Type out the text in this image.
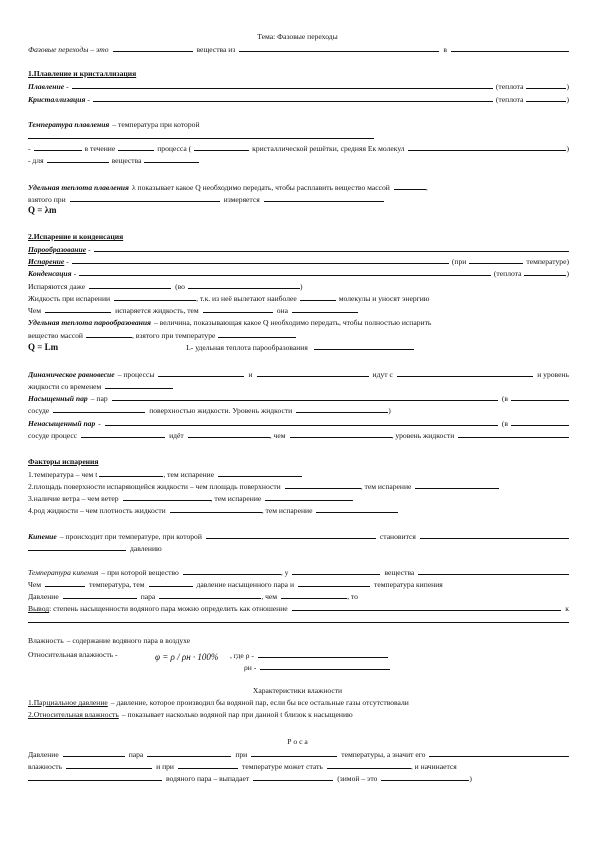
Тема: Фазовые переходы
Фазовые переходы – это	вещества из	в
1.Плавление и кристаллизация
Плавление -	(теплота	)
Кристаллизация -	(теплота	)
Температура плавления – температура при которой
-	в течение	процесса (	кристаллической решётки, средняя Ек молекул	)
- для	вещества
Удельная теплота плавления λ показывает какое Q необходимо передать, чтобы расплавить вещество массой	,
взятого при	измеряется
Q = λm
2.Испарение и конденсация
Парообразование -
Испарение -	(при	температуре)
Конденсация -	(теплота	)
Испаряются даже	(во	)
Жидкость при испарении	, т.к. из неё вылетают наиболее	молекулы и уносят энергию
Чем	испаряется жидкость, тем	она
Удельная теплота парообразования – величина, показывающая какое Q необходимо передать, чтобы полностью испарить
вещество массой	, взятого при температуре
Q = Lm	L- удельная теплота парообразования
Динамическое равновесие – процессы	и	идут с	и уровень
жидкости со временем
Насыщенный пар – пар	(в
сосуде	поверхностью жидкости. Уровень жидкости	)
Ненасыщенный пар -	(в
сосуде процесс	идёт	, чем	, уровень жидкости
Факторы испарения
1.температура – чем t	, тем испарение
2.площадь поверхности испаряющейся жидкости – чем площадь поверхности	, тем испарение
3.наличие ветра – чем ветер	, тем испарение
4.род жидкости – чем плотность жидкости	, тем испарение
Кипение – происходит при температуре, при которой	становится
давлению
Температура кипения – при которой вещество	, у	вещества
Чем	температура, тем	давление насыщенного пара и	температура кипения
Давление	пара	, чем	, то
Вывод : степень насыщенности водяного пара можно определить как отношение	к
Влажность – содержание водяного пара в воздухе
Относительная влажность -	φ = ρ / ρн · 100% , где ρ -
ρн -
Характеристики влажности
1.Парциальное давление – давление, которое производил бы водяной пар, если бы все остальные газы отсутствовали
2.Относительная влажность – показывает насколько водяной пар при данной t близок к насыщению
Р о с а
Давление	пара	при	температуры, а значит его
влажность	и при	температуре может стать	, и начинается
водяного пара – выпадает	(зимой – это	)
